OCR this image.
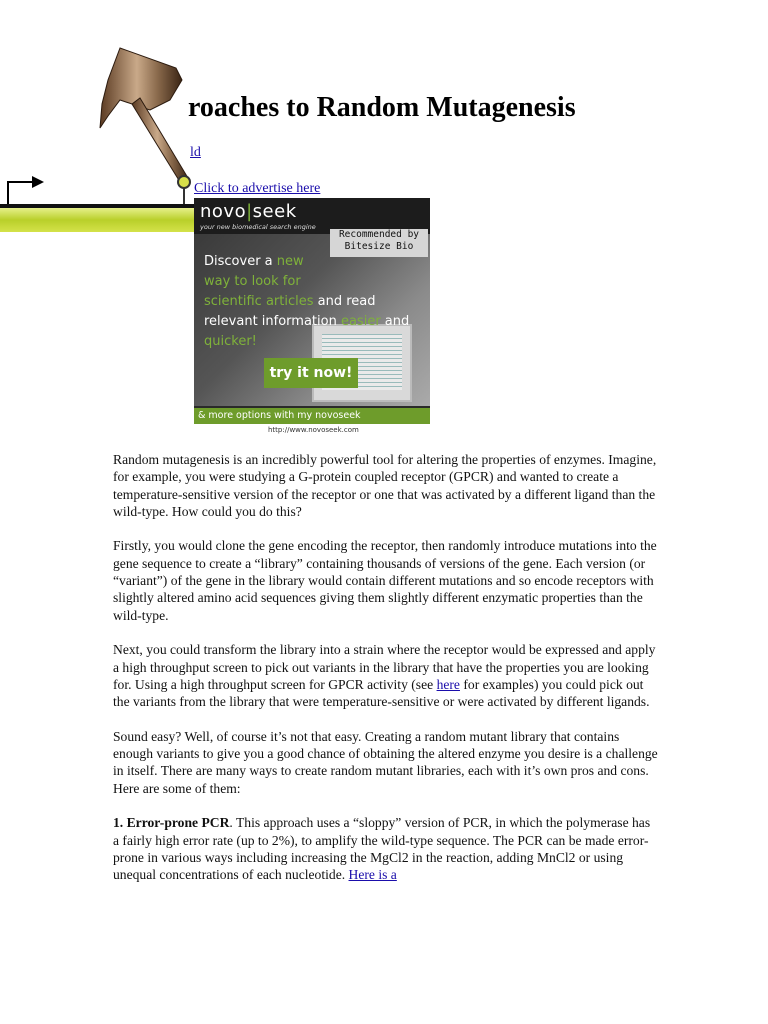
roaches to Random Mutagenesis
ld
Click to advertise here
novo|seek
your new biomedical search engine
Recommended by
Bitesize Bio
Discover a new
way to look for
scientific articles and read
relevant information easier and
quicker!
try it now!
& more options with my novoseek
http://www.novoseek.com

Random mutagenesis is an incredibly powerful tool for altering the properties of enzymes. Imagine, for example, you were studying a G-protein coupled receptor (GPCR) and wanted to create a temperature-sensitive version of the receptor or one that was activated by a different ligand than the wild-type. How could you do this?

Firstly, you would clone the gene encoding the receptor, then randomly introduce mutations into the gene sequence to create a “library” containing thousands of versions of the gene. Each version (or “variant”) of the gene in the library would contain different mutations and so encode receptors with slightly altered amino acid sequences giving them slightly different enzymatic properties than the wild-type.

Next, you could transform the library into a strain where the receptor would be expressed and apply a high throughput screen to pick out variants in the library that have the properties you are looking for. Using a high throughput screen for GPCR activity (see here for examples) you could pick out the variants from the library that were temperature-sensitive or were activated by different ligands.

Sound easy? Well, of course it’s not that easy. Creating a random mutant library that contains enough variants to give you a good chance of obtaining the altered enzyme you desire is a challenge in itself. There are many ways to create random mutant libraries, each with it’s own pros and cons. Here are some of them:

1. Error-prone PCR. This approach uses a “sloppy” version of PCR, in which the polymerase has a fairly high error rate (up to 2%), to amplify the wild-type sequence. The PCR can be made error-prone in various ways including increasing the MgCl2 in the reaction, adding MnCl2 or using unequal concentrations of each nucleotide. Here is a
